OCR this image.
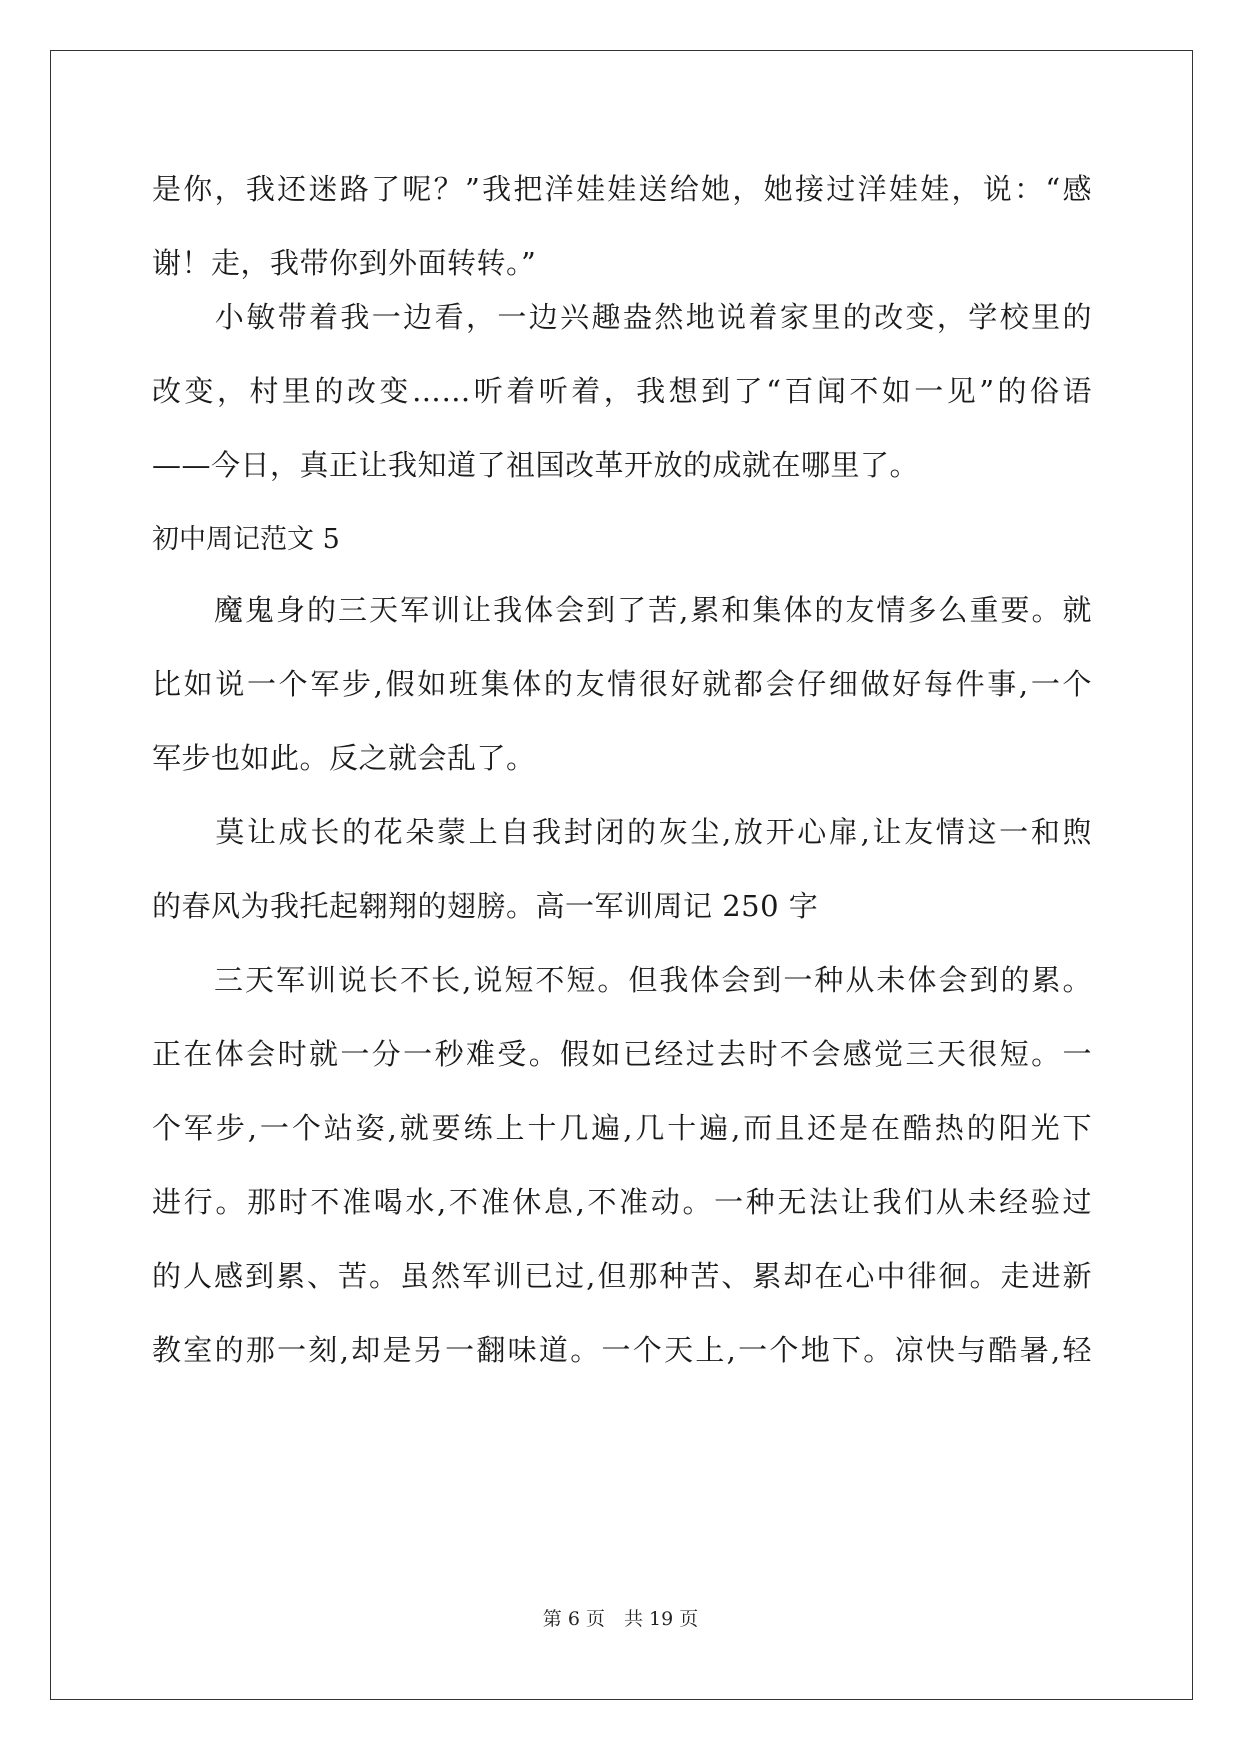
是你，我还迷路了呢？”我把洋娃娃送给她，她接过洋娃娃，说：“感
谢！走，我带你到外面转转。”
　　小敏带着我一边看，一边兴趣盎然地说着家里的改变，学校里的
改变，村里的改变……听着听着，我想到了“百闻不如一见”的俗语
——今日，真正让我知道了祖国改革开放的成就在哪里了。
初中周记范文 5
　　魔鬼身的三天军训让我体会到了苦,累和集体的友情多么重要。就
比如说一个军步,假如班集体的友情很好就都会仔细做好每件事,一个
军步也如此。反之就会乱了。
　　莫让成长的花朵蒙上自我封闭的灰尘,放开心扉,让友情这一和煦
的春风为我托起翱翔的翅膀。高一军训周记 250 字
　　三天军训说长不长,说短不短。但我体会到一种从未体会到的累。
正在体会时就一分一秒难受。假如已经过去时不会感觉三天很短。一
个军步,一个站姿,就要练上十几遍,几十遍,而且还是在酷热的阳光下
进行。那时不准喝水,不准休息,不准动。一种无法让我们从未经验过
的人感到累、苦。虽然军训已过,但那种苦、累却在心中徘徊。走进新
教室的那一刻,却是另一翻味道。一个天上,一个地下。凉快与酷暑,轻
第 6 页　共 19 页
